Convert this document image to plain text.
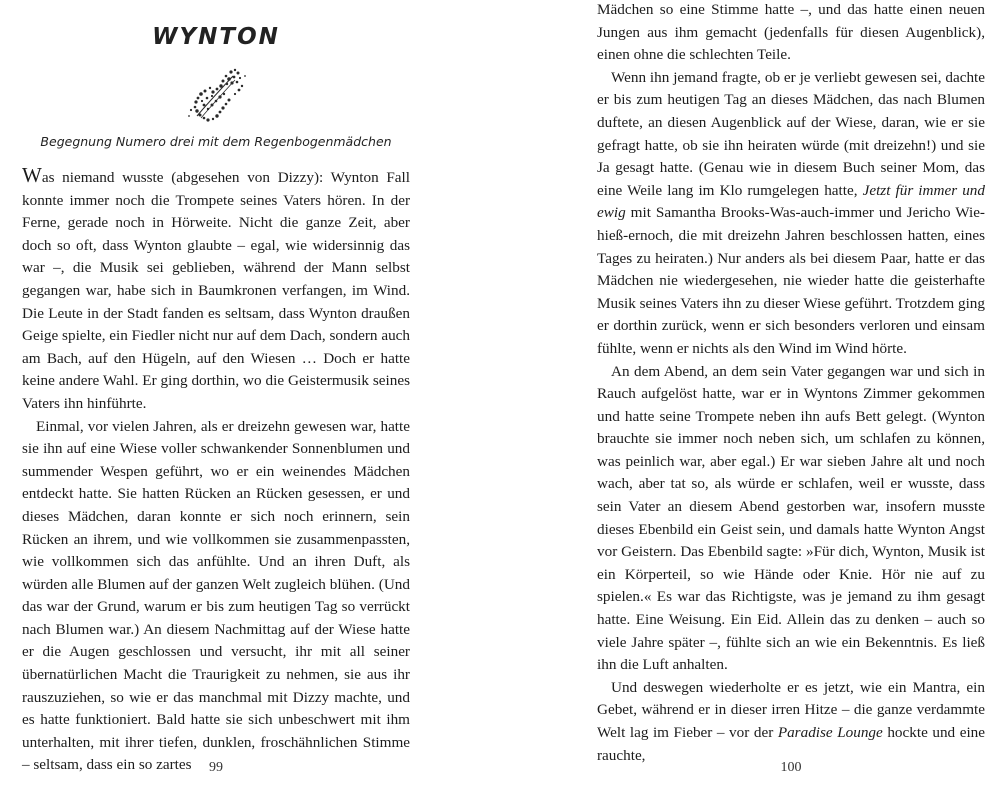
WYNTON

Begegnung Numero drei mit dem Regenbogenmädchen

Was niemand wusste (abgesehen von Dizzy): Wynton Fall konnte immer noch die Trompete seines Vaters hören. In der Ferne, gerade noch in Hörweite. Nicht die ganze Zeit, aber doch so oft, dass Wynton glaubte – egal, wie widersinnig das war –, die Musik sei geblieben, während der Mann selbst gegangen war, habe sich in Baumkronen verfangen, im Wind. Die Leute in der Stadt fanden es seltsam, dass Wynton draußen Geige spielte, ein Fiedler nicht nur auf dem Dach, sondern auch am Bach, auf den Hügeln, auf den Wiesen … Doch er hatte keine andere Wahl. Er ging dorthin, wo die Geistermusik seines Vaters ihn hinführte.

Einmal, vor vielen Jahren, als er dreizehn gewesen war, hatte sie ihn auf eine Wiese voller schwankender Sonnenblumen und summender Wespen geführt, wo er ein weinendes Mädchen entdeckt hatte. Sie hatten Rücken an Rücken gesessen, er und dieses Mädchen, daran konnte er sich noch erinnern, sein Rücken an ihrem, und wie vollkommen sie zusammenpassten, wie vollkommen sich das anfühlte. Und an ihren Duft, als würden alle Blumen auf der ganzen Welt zugleich blühen. (Und das war der Grund, warum er bis zum heutigen Tag so verrückt nach Blumen war.) An diesem Nachmittag auf der Wiese hatte er die Augen geschlossen und versucht, ihr mit all seiner übernatürlichen Macht die Traurigkeit zu nehmen, sie aus ihr rauszuziehen, so wie er das manchmal mit Dizzy machte, und es hatte funktioniert. Bald hatte sie sich unbeschwert mit ihm unterhalten, mit ihrer tiefen, dunklen, froschähnlichen Stimme – seltsam, dass ein so zartes	99

Mädchen so eine Stimme hatte –, und das hatte einen neuen Jungen aus ihm gemacht (jedenfalls für diesen Augenblick), einen ohne die schlechten Teile.

Wenn ihn jemand fragte, ob er je verliebt gewesen sei, dachte er bis zum heutigen Tag an dieses Mädchen, das nach Blumen duftete, an diesen Augenblick auf der Wiese, daran, wie er sie gefragt hatte, ob sie ihn heiraten würde (mit dreizehn!) und sie Ja gesagt hatte. (Genau wie in diesem Buch seiner Mom, das eine Weile lang im Klo rumgelegen hatte, Jetzt für immer und ewig mit Samantha Brooks-Was-auch-immer und Jericho Wie-hieß-ernoch, die mit dreizehn Jahren beschlossen hatten, eines Tages zu heiraten.) Nur anders als bei diesem Paar, hatte er das Mädchen nie wiedergesehen, nie wieder hatte die geisterhafte Musik seines Vaters ihn zu dieser Wiese geführt. Trotzdem ging er dorthin zurück, wenn er sich besonders verloren und einsam fühlte, wenn er nichts als den Wind im Wind hörte.

An dem Abend, an dem sein Vater gegangen war und sich in Rauch aufgelöst hatte, war er in Wyntons Zimmer gekommen und hatte seine Trompete neben ihn aufs Bett gelegt. (Wynton brauchte sie immer noch neben sich, um schlafen zu können, was peinlich war, aber egal.) Er war sieben Jahre alt und noch wach, aber tat so, als würde er schlafen, weil er wusste, dass sein Vater an diesem Abend gestorben war, insofern musste dieses Ebenbild ein Geist sein, und damals hatte Wynton Angst vor Geistern. Das Ebenbild sagte: »Für dich, Wynton, Musik ist ein Körperteil, so wie Hände oder Knie. Hör nie auf zu spielen.« Es war das Richtigste, was je jemand zu ihm gesagt hatte. Eine Weisung. Ein Eid. Allein das zu denken – auch so viele Jahre später –, fühlte sich an wie ein Bekenntnis. Es ließ ihn die Luft anhalten.

Und deswegen wiederholte er es jetzt, wie ein Mantra, ein Gebet, während er in dieser irren Hitze – die ganze verdammte Welt lag im Fieber – vor der Paradise Lounge hockte und eine rauchte,

100
